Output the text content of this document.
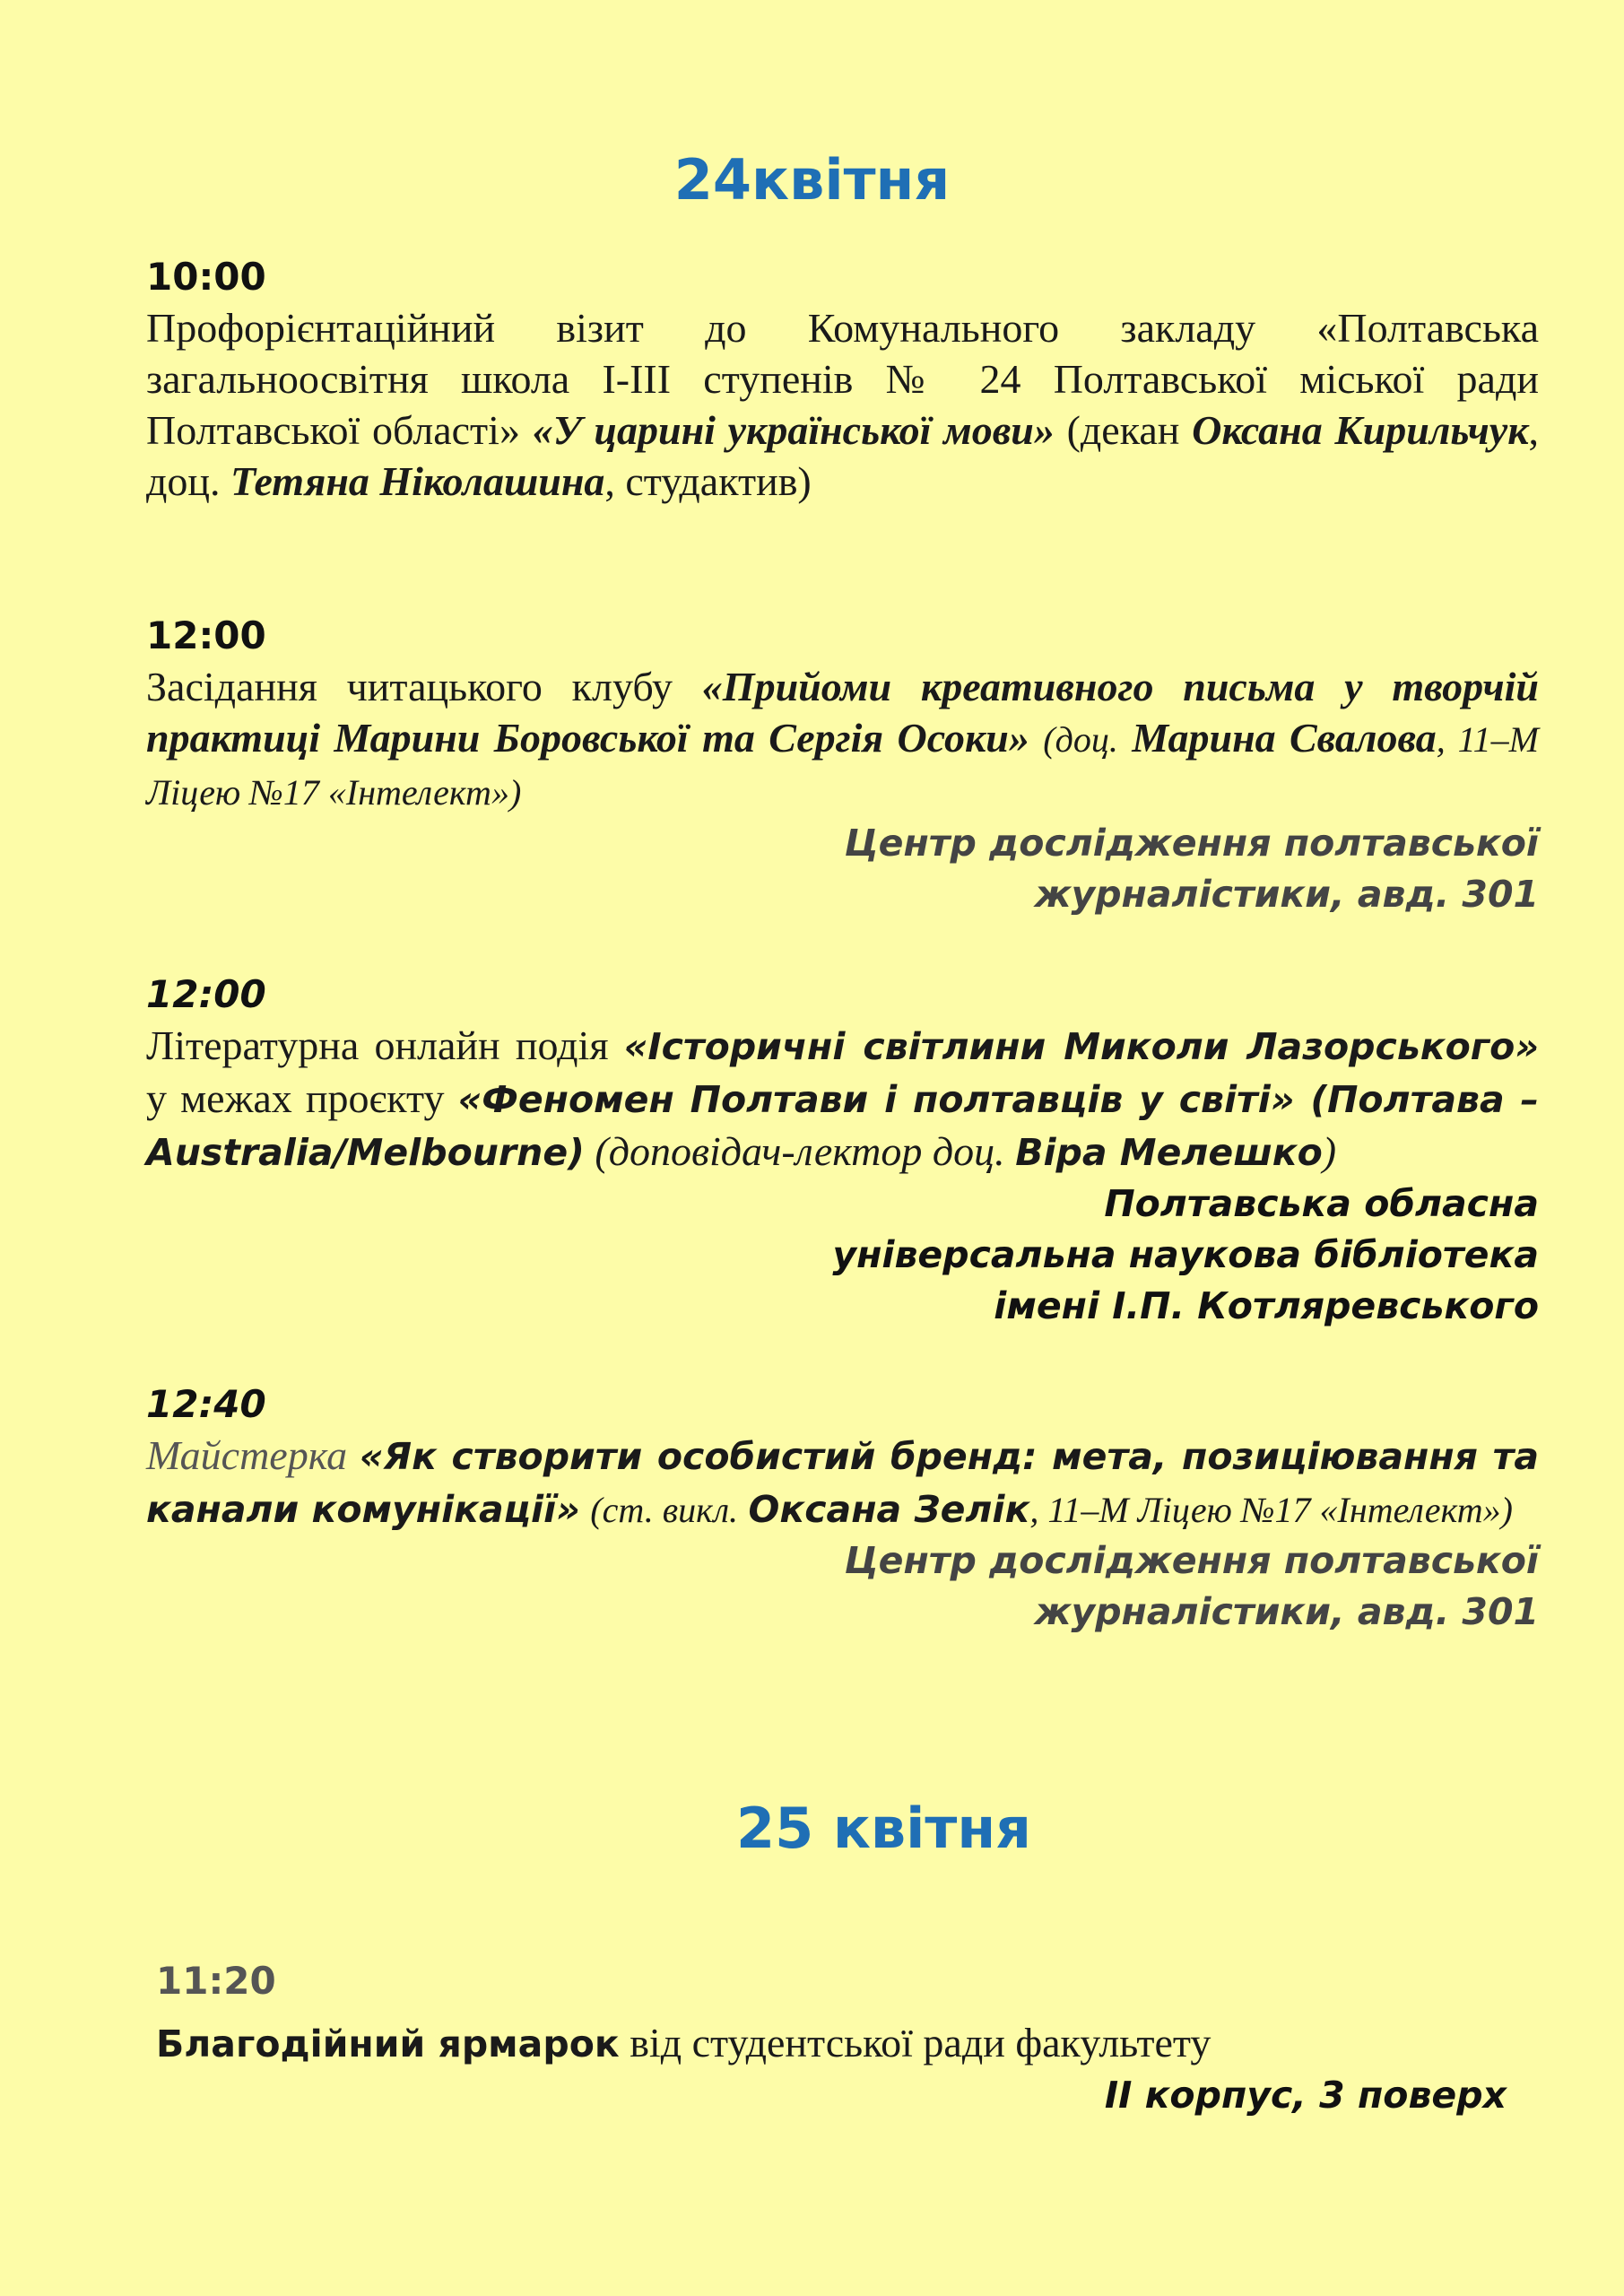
24квітня
10:00

Профорієнтаційний візит до Комунального закладу «Полтавська загальноосвітня школа І-ІІІ ступенів № 24 Полтавської міської ради Полтавської області» «У царині української мови» (декан Оксана Кирильчук, доц. Тетяна Ніколашина, студактив)

12:00

Засідання читацького клубу «Прийоми креативного письма у творчій практиці Марини Боровської та Сергія Осоки» (доц. Марина Свалова, 11–М Ліцею №17 «Інтелект»)

Центр дослідження полтавської

журналістики, авд. 301

12:00

Літературна онлайн подія «Історичні світлини Миколи Лазорського» у межах проєкту «Феномен Полтави і полтавців у світі» (Полтава – Australia/Melbourne) (доповідач-лектор доц. Віра Мелешко)

Полтавська обласна

універсальна наукова бібліотека

імені І.П. Котляревського

12:40

Майстерка «Як створити особистий бренд: мета, позиціювання та канали комунікації» (ст. викл. Оксана Зелік, 11–М Ліцею №17 «Інтелект»)

Центр дослідження полтавської

журналістики, авд. 301

25 квітня
11:20

Благодійний ярмарок від студентської ради факультету

ІІ корпус, 3 поверх
